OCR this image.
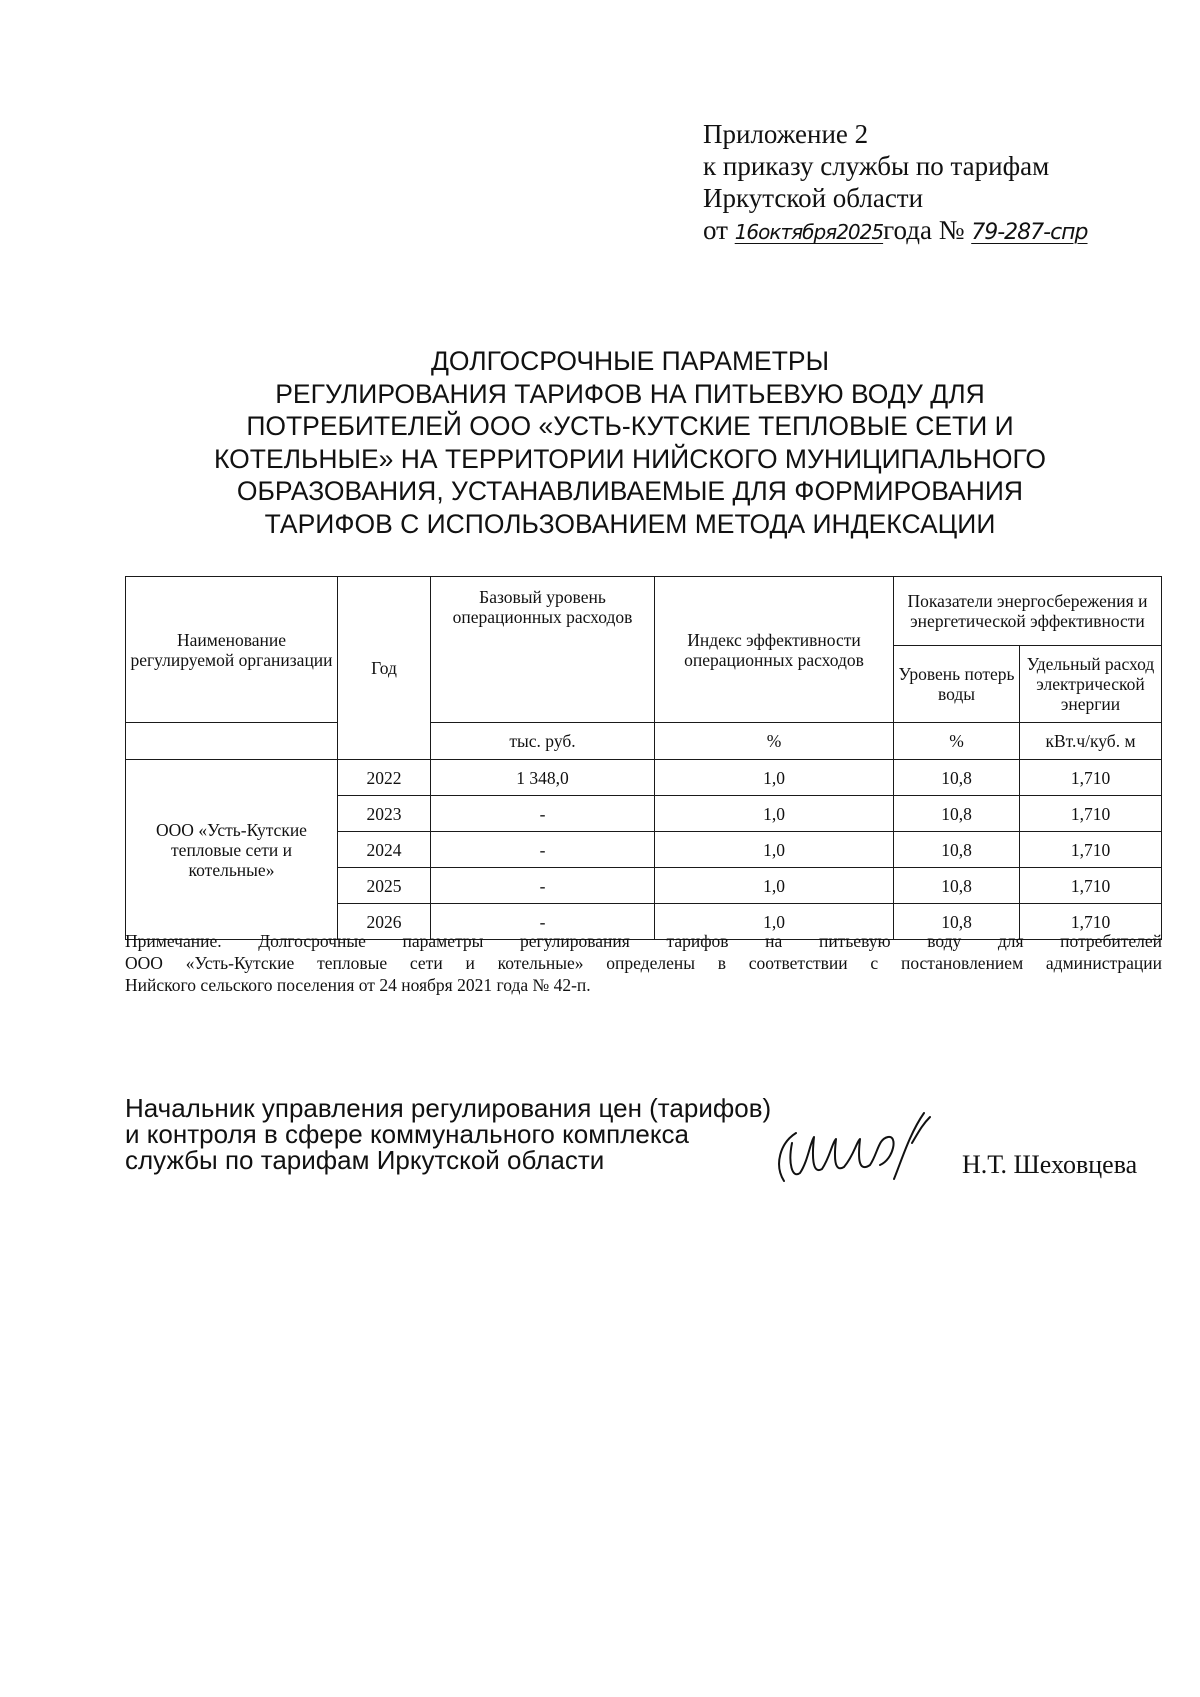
Приложение 2
к приказу службы по тарифам
Иркутской области
от 16октября2025года № 79-287-спр
ДОЛГОСРОЧНЫЕ ПАРАМЕТРЫ
РЕГУЛИРОВАНИЯ ТАРИФОВ НА ПИТЬЕВУЮ ВОДУ ДЛЯ
ПОТРЕБИТЕЛЕЙ ООО «УСТЬ-КУТСКИЕ ТЕПЛОВЫЕ СЕТИ И
КОТЕЛЬНЫЕ» НА ТЕРРИТОРИИ НИЙСКОГО МУНИЦИПАЛЬНОГО
ОБРАЗОВАНИЯ, УСТАНАВЛИВАЕМЫЕ ДЛЯ ФОРМИРОВАНИЯ
ТАРИФОВ С ИСПОЛЬЗОВАНИЕМ МЕТОДА ИНДЕКСАЦИИ
Наименование регулируемой организации	Год	Базовый уровень операционных расходов	Индекс эффективности операционных расходов	Показатели энергосбережения и энергетической эффективности	
				Уровень потерь воды	Удельный расход электрической энергии
		тыс. руб.	%	%	кВт.ч/куб. м
ООО «Усть-Кутские тепловые сети и котельные»	2022	1 348,0	1,0	10,8	1,710
	2023	-	1,0	10,8	1,710
	2024	-	1,0	10,8	1,710
	2025	-	1,0	10,8	1,710
	2026	-	1,0	10,8	1,710
Примечание. Долгосрочные параметры регулирования тарифов на питьевую воду для потребителей
ООО «Усть-Кутские тепловые сети и котельные» определены в соответствии с постановлением администрации
Нийского сельского поселения от 24 ноября 2021 года № 42-п.
Начальник управления регулирования цен (тарифов)
и контроля в сфере коммунального комплекса
службы по тарифам Иркутской области	Н.Т. Шеховцева
